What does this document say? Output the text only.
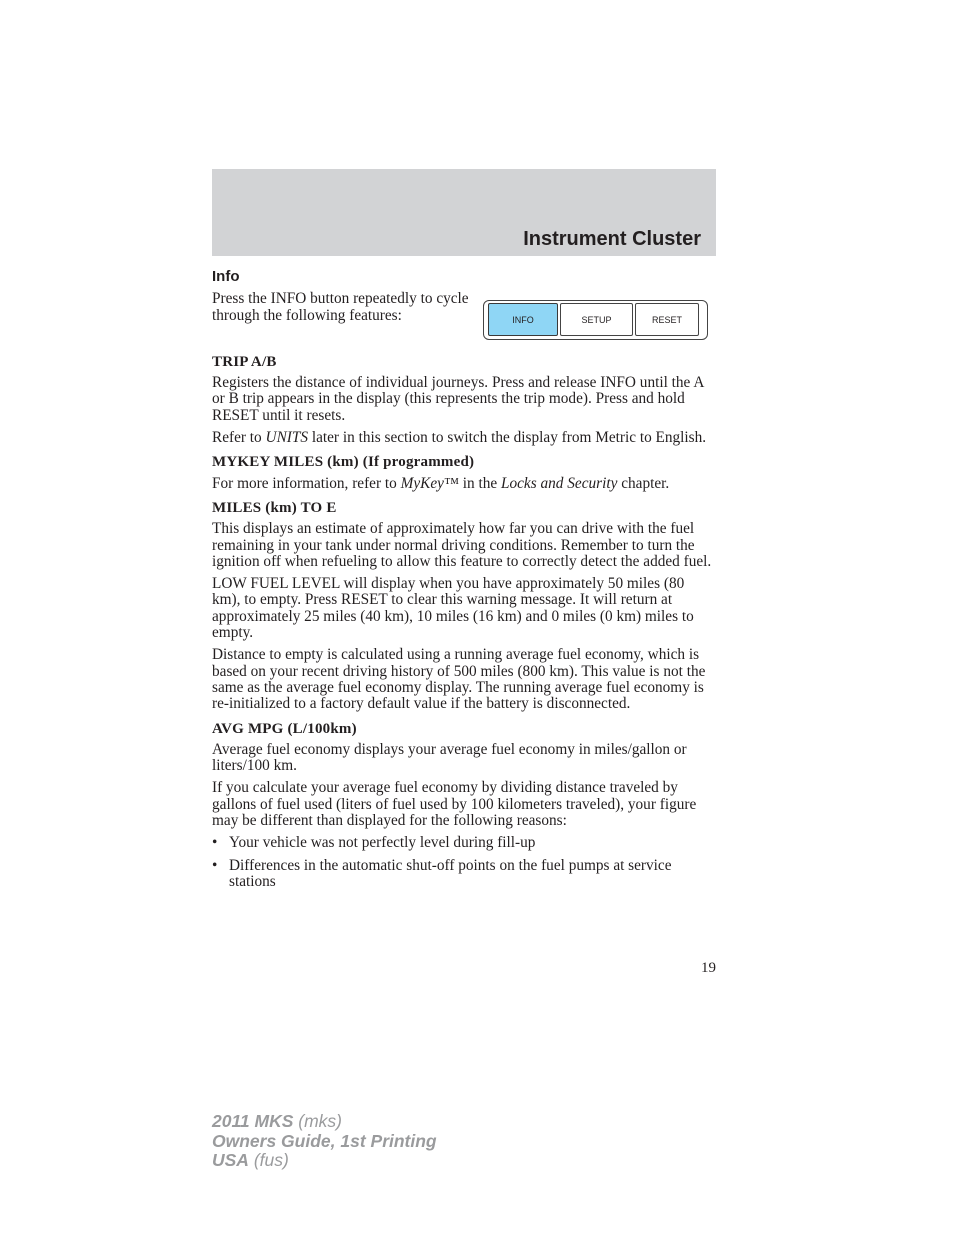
Instrument Cluster
INFO	SETUP	RESET
Info

Press the INFO button repeatedly to cycle through the following features:

TRIP A/B

Registers the distance of individual journeys. Press and release INFO until the A or B trip appears in the display (this represents the trip mode). Press and hold RESET until it resets.

Refer to UNITS later in this section to switch the display from Metric to English.

MYKEY MILES (km) (If programmed)

For more information, refer to MyKey™ in the Locks and Security chapter.

MILES (km) TO E

This displays an estimate of approximately how far you can drive with the fuel remaining in your tank under normal driving conditions. Remember to turn the ignition off when refueling to allow this feature to correctly detect the added fuel.

LOW FUEL LEVEL will display when you have approximately 50 miles (80 km), to empty. Press RESET to clear this warning message. It will return at approximately 25 miles (40 km), 10 miles (16 km) and 0 miles (0 km) miles to empty.

Distance to empty is calculated using a running average fuel economy, which is based on your recent driving history of 500 miles (800 km). This value is not the same as the average fuel economy display. The running average fuel economy is re-initialized to a factory default value if the battery is disconnected.

AVG MPG (L/100km)

Average fuel economy displays your average fuel economy in miles/gallon or liters/100 km.

If you calculate your average fuel economy by dividing distance traveled by gallons of fuel used (liters of fuel used by 100 kilometers traveled), your figure may be different than displayed for the following reasons:

• Your vehicle was not perfectly level during fill-up
• Differences in the automatic shut-off points on the fuel pumps at service stations
19
2011 MKS (mks)
Owners Guide, 1st Printing
USA (fus)
